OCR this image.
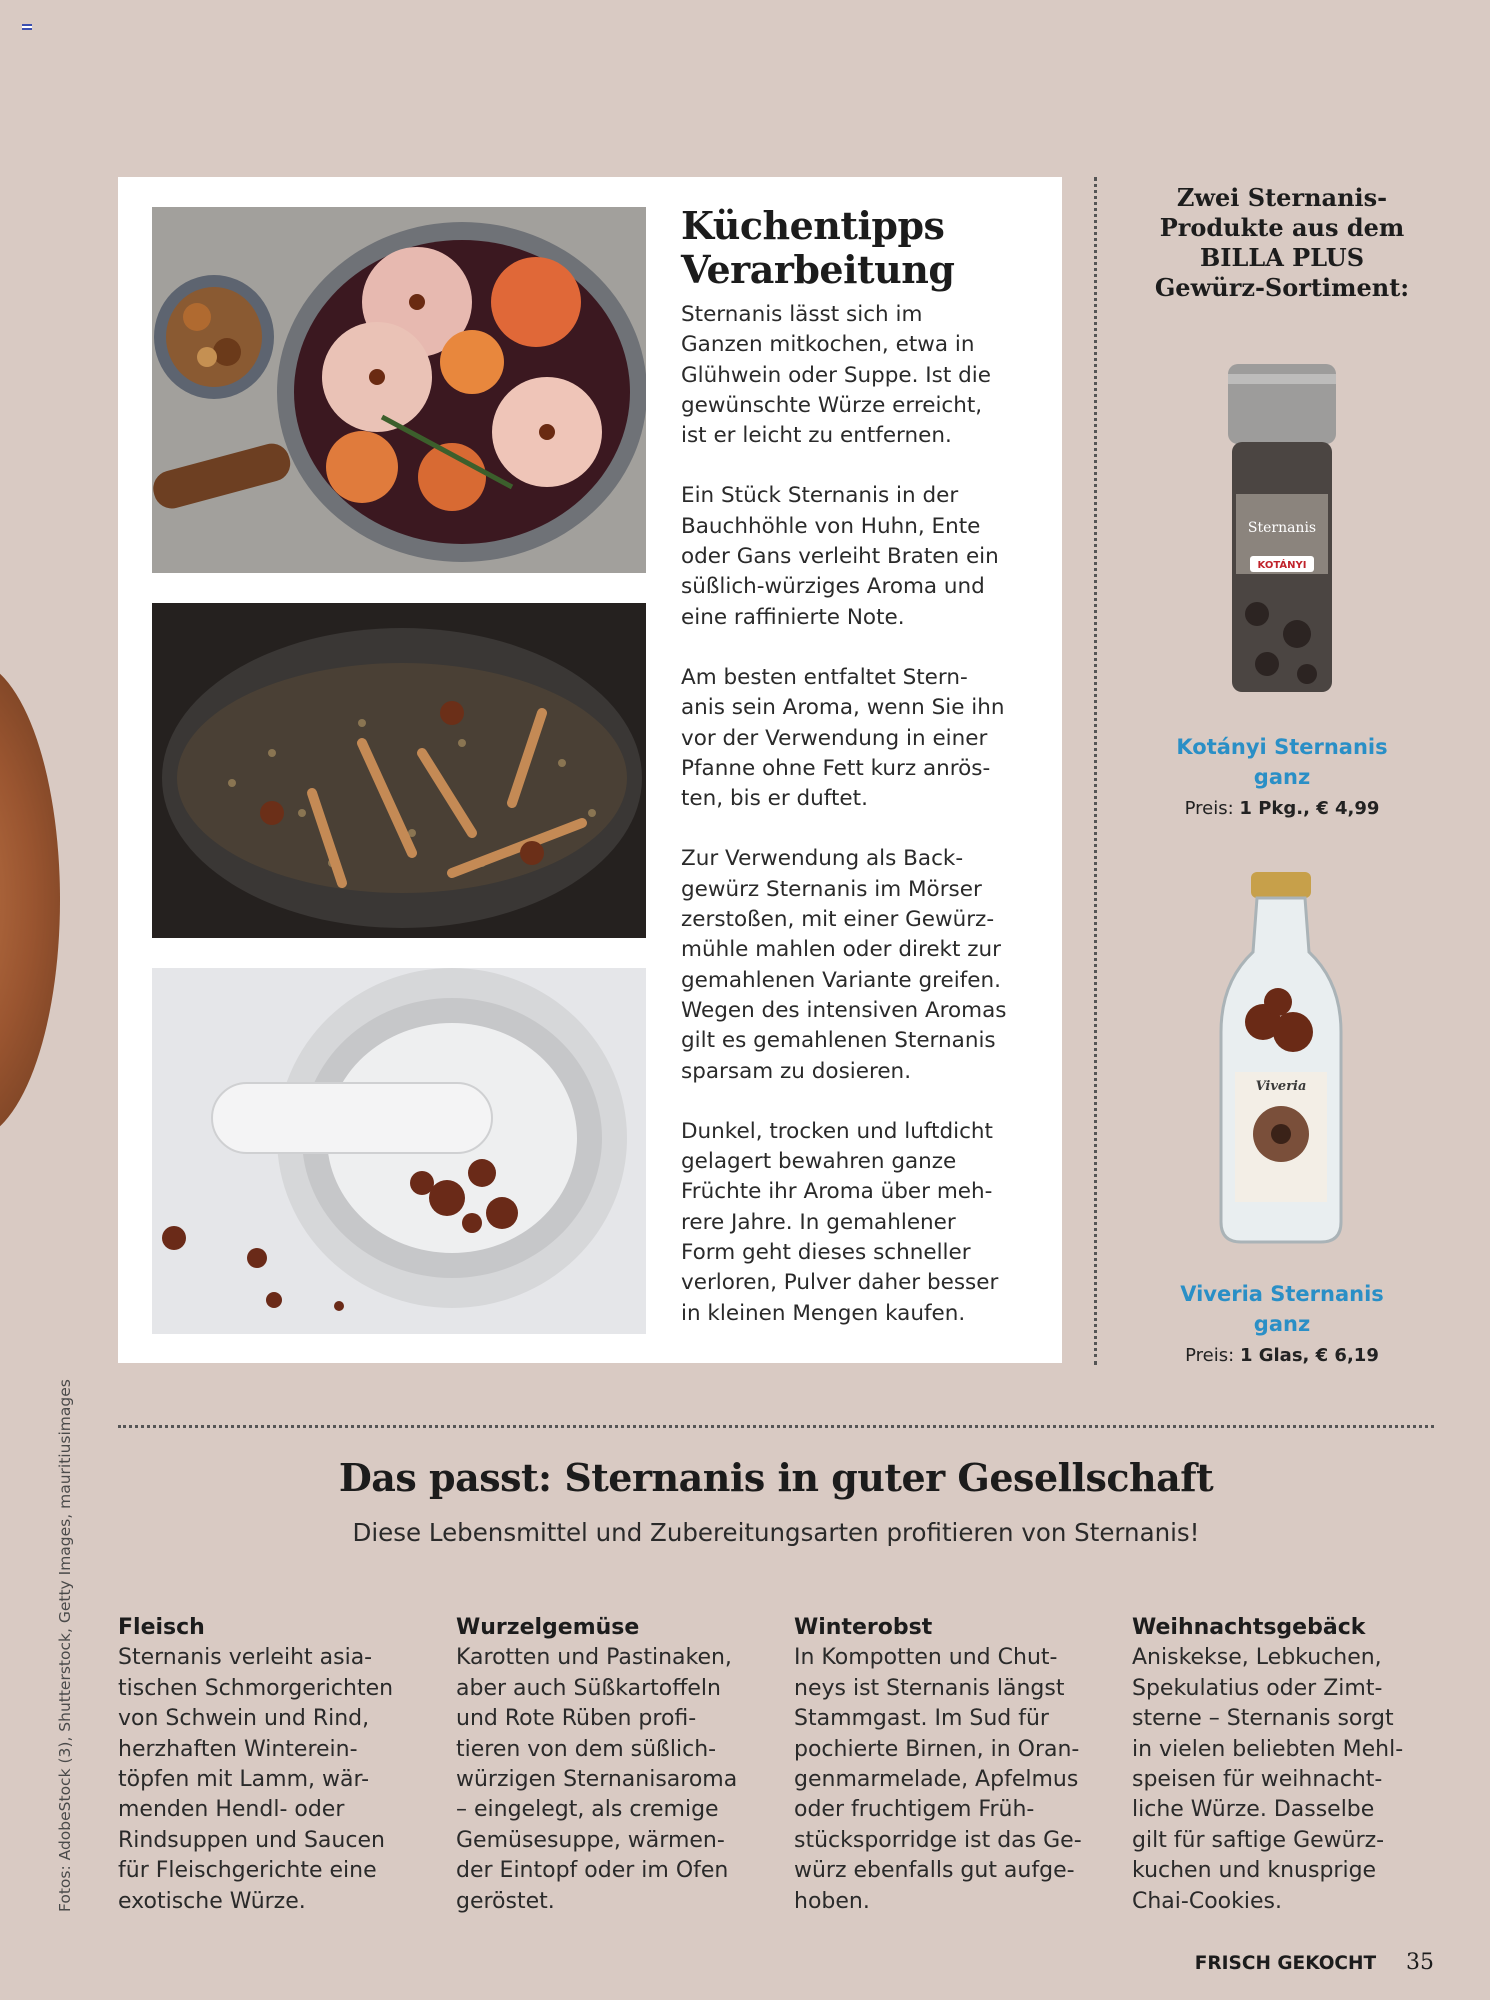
Küchentipps
Verarbeitung

Sternanis lässt sich im
Ganzen mitkochen, etwa in
Glühwein oder Suppe. Ist die
gewünschte Würze erreicht,
ist er leicht zu entfernen.

Ein Stück Sternanis in der
Bauchhöhle von Huhn, Ente
oder Gans verleiht Braten ein
süßlich-würziges Aroma und
eine raffinierte Note.

Am besten entfaltet Stern-
anis sein Aroma, wenn Sie ihn
vor der Verwendung in einer
Pfanne ohne Fett kurz anrös-
ten, bis er duftet.

Zur Verwendung als Back-
gewürz Sternanis im Mörser
zerstoßen, mit einer Gewürz-
mühle mahlen oder direkt zur
gemahlenen Variante greifen.
Wegen des intensiven Aromas
gilt es gemahlenen Sternanis
sparsam zu dosieren.

Dunkel, trocken und luftdicht
gelagert bewahren ganze
Früchte ihr Aroma über meh-
rere Jahre. In gemahlener
Form geht dieses schneller
verloren, Pulver daher besser
in kleinen Mengen kaufen.

Zwei Sternanis-
Produkte aus dem
BILLA PLUS
Gewürz-Sortiment:
Sternanis
KOTÁNYI
Kotányi Sternanis
ganz
Preis: 1 Pkg., € 4,99
Viveria
Viveria Sternanis
ganz
Preis: 1 Glas, € 6,19
Fotos: AdobeStock (3), Shutterstock, Getty Images, mauritiusimages	Das passt: Sternanis in guter Gesellschaft
Diese Lebensmittel und Zubereitungsarten profitieren von Sternanis!
Fleisch

Sternanis verleiht asia-
tischen Schmorgerichten
von Schwein und Rind,
herzhaften Winterein-
töpfen mit Lamm, wär-
menden Hendl- oder
Rindsuppen und Saucen
für Fleischgerichte eine
exotische Würze.

Wurzelgemüse

Karotten und Pastinaken,
aber auch Süßkartoffeln
und Rote Rüben profi-
tieren von dem süßlich-
würzigen Sternanisaroma
– eingelegt, als cremige
Gemüsesuppe, wärmen-
der Eintopf oder im Ofen
geröstet.

Winterobst

In Kompotten und Chut-
neys ist Sternanis längst
Stammgast. Im Sud für
pochierte Birnen, in Oran-
genmarmelade, Apfelmus
oder fruchtigem Früh-
stücksporridge ist das Ge-
würz ebenfalls gut aufge-
hoben.

Weihnachtsgebäck

Aniskekse, Lebkuchen,
Spekulatius oder Zimt-
sterne – Sternanis sorgt
in vielen beliebten Mehl-
speisen für weihnacht-
liche Würze. Dasselbe
gilt für saftige Gewürz-
kuchen und knusprige
Chai-Cookies.

FRISCH GEKOCHT 35
